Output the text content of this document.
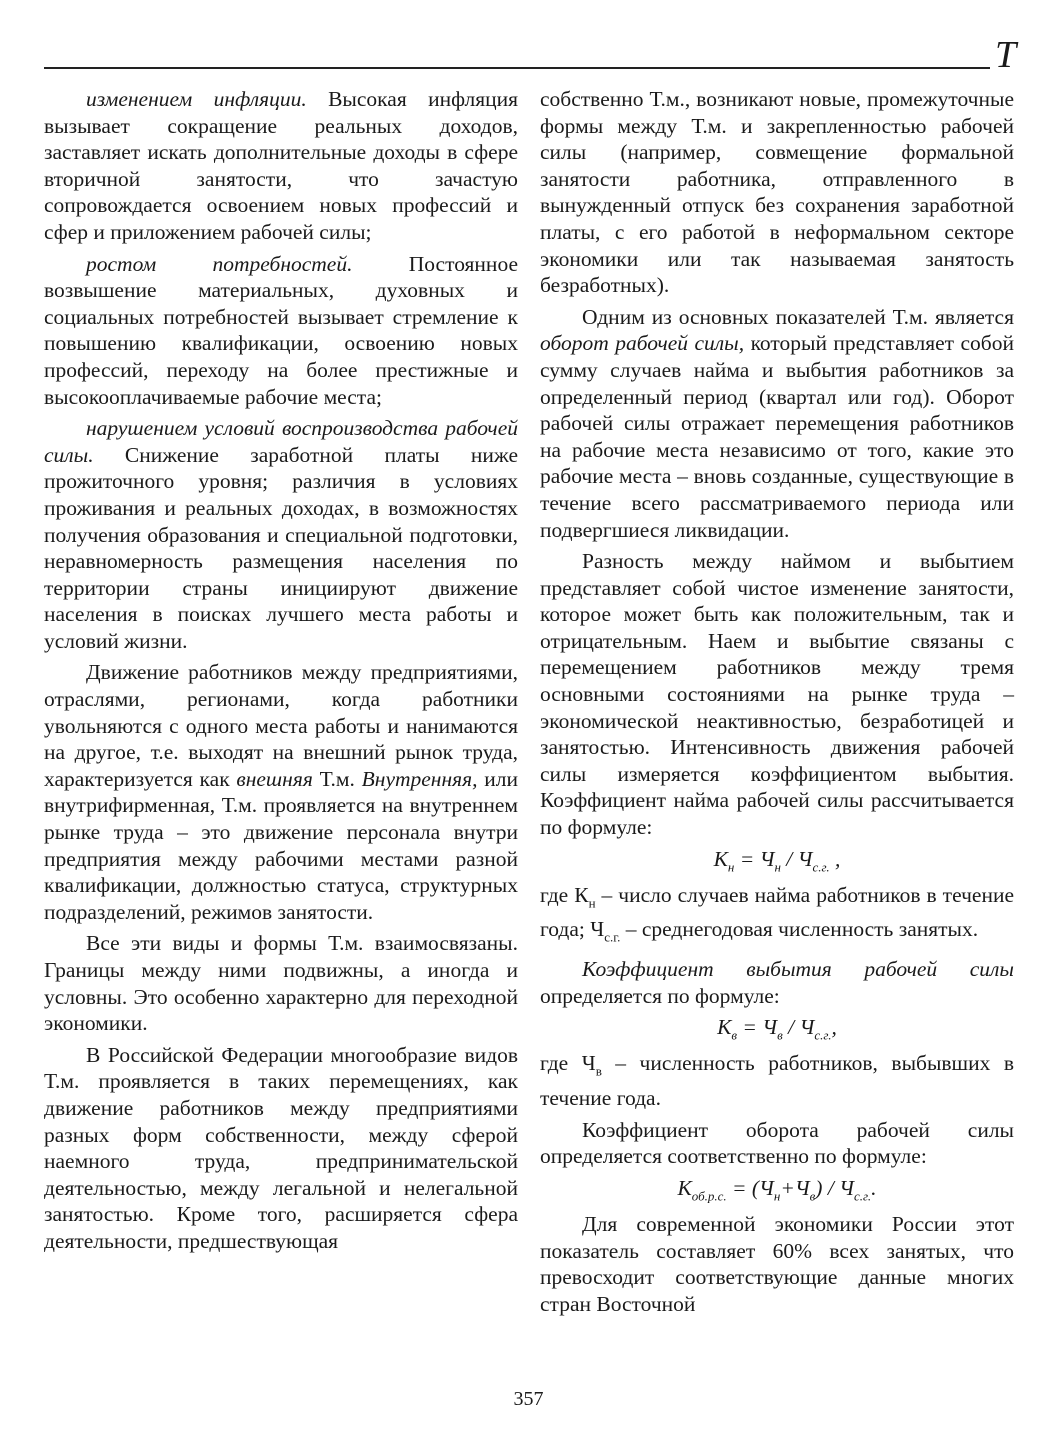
Т

изменением инфляции. Высокая инфляция вызывает сокращение реальных доходов, заставляет искать дополнительные доходы в сфере вторичной занятости, что зачастую сопровождается освоением новых профессий и сфер и приложением рабочей силы;

ростом потребностей. Постоянное возвышение материальных, духовных и социальных потребностей вызывает стремление к повышению квалификации, освоению новых профессий, переходу на более престижные и высокооплачиваемые рабочие места;

нарушением условий воспроизводства рабочей силы. Снижение заработной платы ниже прожиточного уровня; различия в условиях проживания и реальных доходах, в возможностях получения образования и специальной подготовки, неравномерность размещения населения по территории страны инициируют движение населения в поисках лучшего места работы и условий жизни.

Движение работников между предприятиями, отраслями, регионами, когда работники увольняются с одного места работы и нанимаются на другое, т.е. выходят на внешний рынок труда, характеризуется как внешняя Т.м. Внутренняя, или внутрифирменная, Т.м. проявляется на внутреннем рынке труда – это движение персонала внутри предприятия между рабочими местами разной квалификации, должностью статуса, структурных подразделений, режимов занятости.

Все эти виды и формы Т.м. взаимосвязаны. Границы между ними подвижны, а иногда и условны. Это особенно характерно для переходной экономики.

В Российской Федерации многообразие видов Т.м. проявляется в таких перемещениях, как движение работников между предприятиями разных форм собственности, между сферой наемного труда, предпринимательской деятельностью, между легальной и нелегальной занятостью. Кроме того, расширяется сфера деятельности, предшествующая

собственно Т.м., возникают новые, промежуточные формы между Т.м. и закрепленностью рабочей силы (например, совмещение формальной занятости работника, отправленного в вынужденный отпуск без сохранения заработной платы, с его работой в неформальном секторе экономики или так называемая занятость безработных).

Одним из основных показателей Т.м. является оборот рабочей силы, который представляет собой сумму случаев найма и выбытия работников за определенный период (квартал или год). Оборот рабочей силы отражает перемещения работников на рабочие места независимо от того, какие это рабочие места – вновь созданные, существующие в течение всего рассматриваемого периода или подвергшиеся ликвидации.

Разность между наймом и выбытием представляет собой чистое изменение занятости, которое может быть как положительным, так и отрицательным. Наем и выбытие связаны с перемещением работников между тремя основными состояниями на рынке труда – экономической неактивностью, безработицей и занятостью. Интенсивность движения рабочей силы измеряется коэффициентом выбытия. Коэффициент найма рабочей силы рассчитывается по формуле:

$К_н = Ч_н / Ч_{с.г.}$ ,

где $К_н$ – число случаев найма работников в течение года; $Ч_{с.г.}$ – среднегодовая численность занятых.

Коэффициент выбытия рабочей силы определяется по формуле:

$К_в = Ч_в / Ч_{с.г.}$,

где $Ч_в$ – численность работников, выбывших в течение года.

Коэффициент оборота рабочей силы определяется соответственно по формуле:

$К_{об.р.с.} = (Ч_н+Ч_в) / Ч_{с.г.}$.

Для современной экономики России этот показатель составляет 60% всех занятых, что превосходит соответствующие данные многих стран Восточной

357
